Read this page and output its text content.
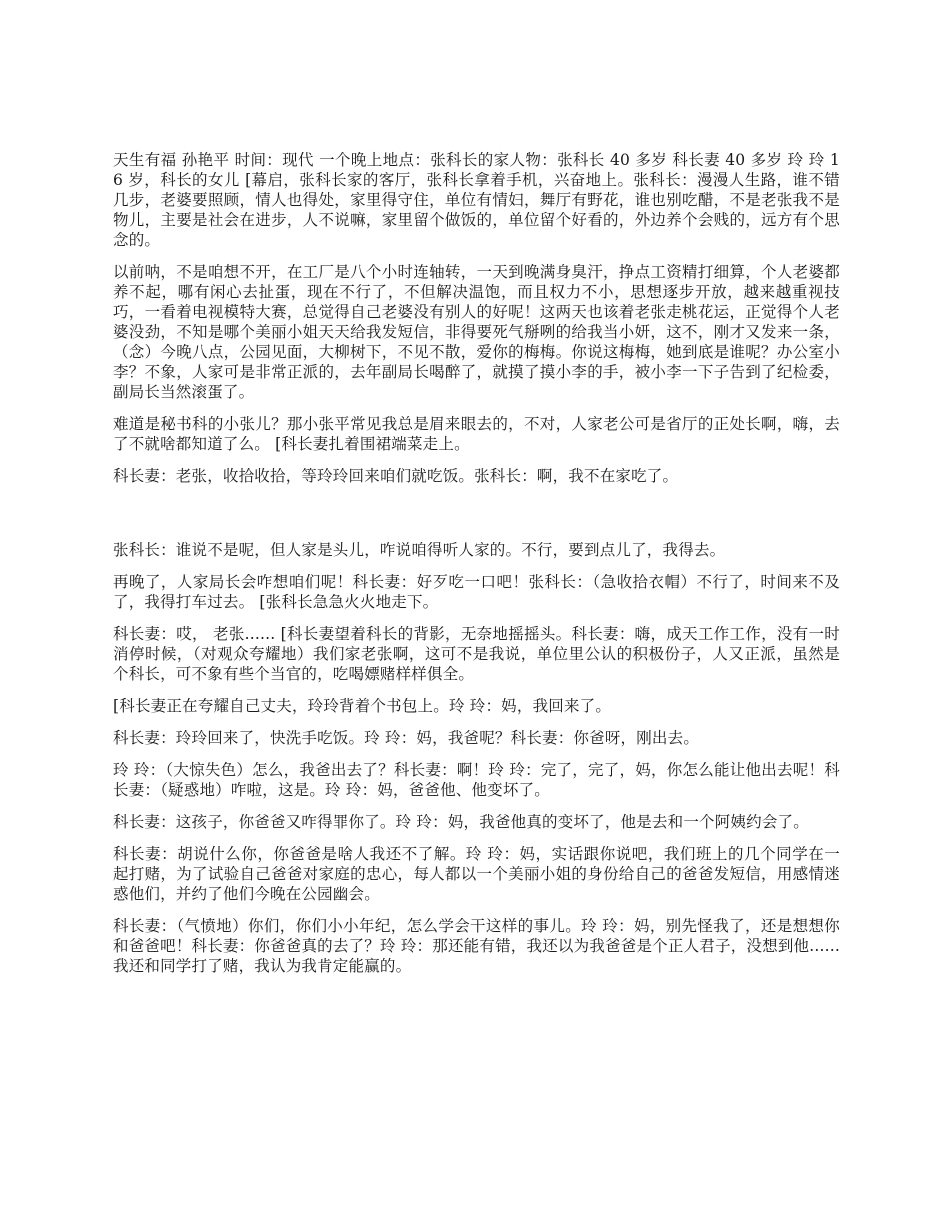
天生有福 孙艳平 时间：现代 一个晚上地点：张科长的家人物：张科长 40 多岁 科长妻 40 多岁 玲 玲 16 岁，科长的女儿 [幕启，张科长家的客厅，张科长拿着手机，兴奋地上。张科长：漫漫人生路，谁不错几步，老婆要照顾，情人也得处，家里得守住，单位有情妇，舞厅有野花，谁也别吃醋，不是老张我不是物儿，主要是社会在进步，人不说嘛，家里留个做饭的，单位留个好看的，外边养个会贱的，远方有个思念的。

以前呐，不是咱想不开，在工厂是八个小时连轴转，一天到晚满身臭汗，挣点工资精打细算，个人老婆都养不起，哪有闲心去扯蛋，现在不行了，不但解决温饱，而且权力不小，思想逐步开放，越来越重视技巧，一看着电视模特大赛，总觉得自己老婆没有别人的好呢！这两天也该着老张走桃花运，正觉得个人老婆没劲，不知是哪个美丽小姐天天给我发短信，非得要死气掰咧的给我当小妍，这不，刚才又发来一条，（念）今晚八点，公园见面，大柳树下，不见不散，爱你的梅梅。你说这梅梅，她到底是谁呢？办公室小李？不象，人家可是非常正派的，去年副局长喝醉了，就摸了摸小李的手，被小李一下子告到了纪检委，副局长当然滚蛋了。

难道是秘书科的小张儿？那小张平常见我总是眉来眼去的，不对，人家老公可是省厅的正处长啊，嗨，去了不就啥都知道了么。 [科长妻扎着围裙端菜走上。

科长妻：老张，收拾收拾，等玲玲回来咱们就吃饭。张科长：啊，我不在家吃了。

张科长：谁说不是呢，但人家是头儿，咋说咱得听人家的。不行，要到点儿了，我得去。

再晚了，人家局长会咋想咱们呢！科长妻：好歹吃一口吧！张科长：（急收拾衣帽）不行了，时间来不及了，我得打车过去。 [张科长急急火火地走下。

科长妻：哎， 老张...... [科长妻望着科长的背影，无奈地摇摇头。科长妻：嗨，成天工作工作，没有一时消停时候，（对观众夸耀地）我们家老张啊，这可不是我说，单位里公认的积极份子，人又正派，虽然是个科长，可不象有些个当官的，吃喝嫖赌样样俱全。

[科长妻正在夸耀自己丈夫，玲玲背着个书包上。玲 玲：妈，我回来了。

科长妻：玲玲回来了，快洗手吃饭。玲 玲：妈，我爸呢？科长妻：你爸呀，刚出去。

玲 玲：（大惊失色）怎么，我爸出去了？科长妻：啊！玲 玲：完了，完了，妈，你怎么能让他出去呢！科长妻：（疑惑地）咋啦，这是。玲 玲：妈，爸爸他、他变坏了。

科长妻：这孩子，你爸爸又咋得罪你了。玲 玲：妈，我爸他真的变坏了，他是去和一个阿姨约会了。

科长妻：胡说什么你，你爸爸是啥人我还不了解。玲 玲：妈，实话跟你说吧，我们班上的几个同学在一起打赌，为了试验自己爸爸对家庭的忠心，每人都以一个美丽小姐的身份给自己的爸爸发短信，用感情迷惑他们，并约了他们今晚在公园幽会。

科长妻：（气愤地）你们，你们小小年纪，怎么学会干这样的事儿。玲 玲：妈，别先怪我了，还是想想你和爸爸吧！科长妻：你爸爸真的去了？玲 玲：那还能有错，我还以为我爸爸是个正人君子，没想到他......我还和同学打了赌，我认为我肯定能赢的。
